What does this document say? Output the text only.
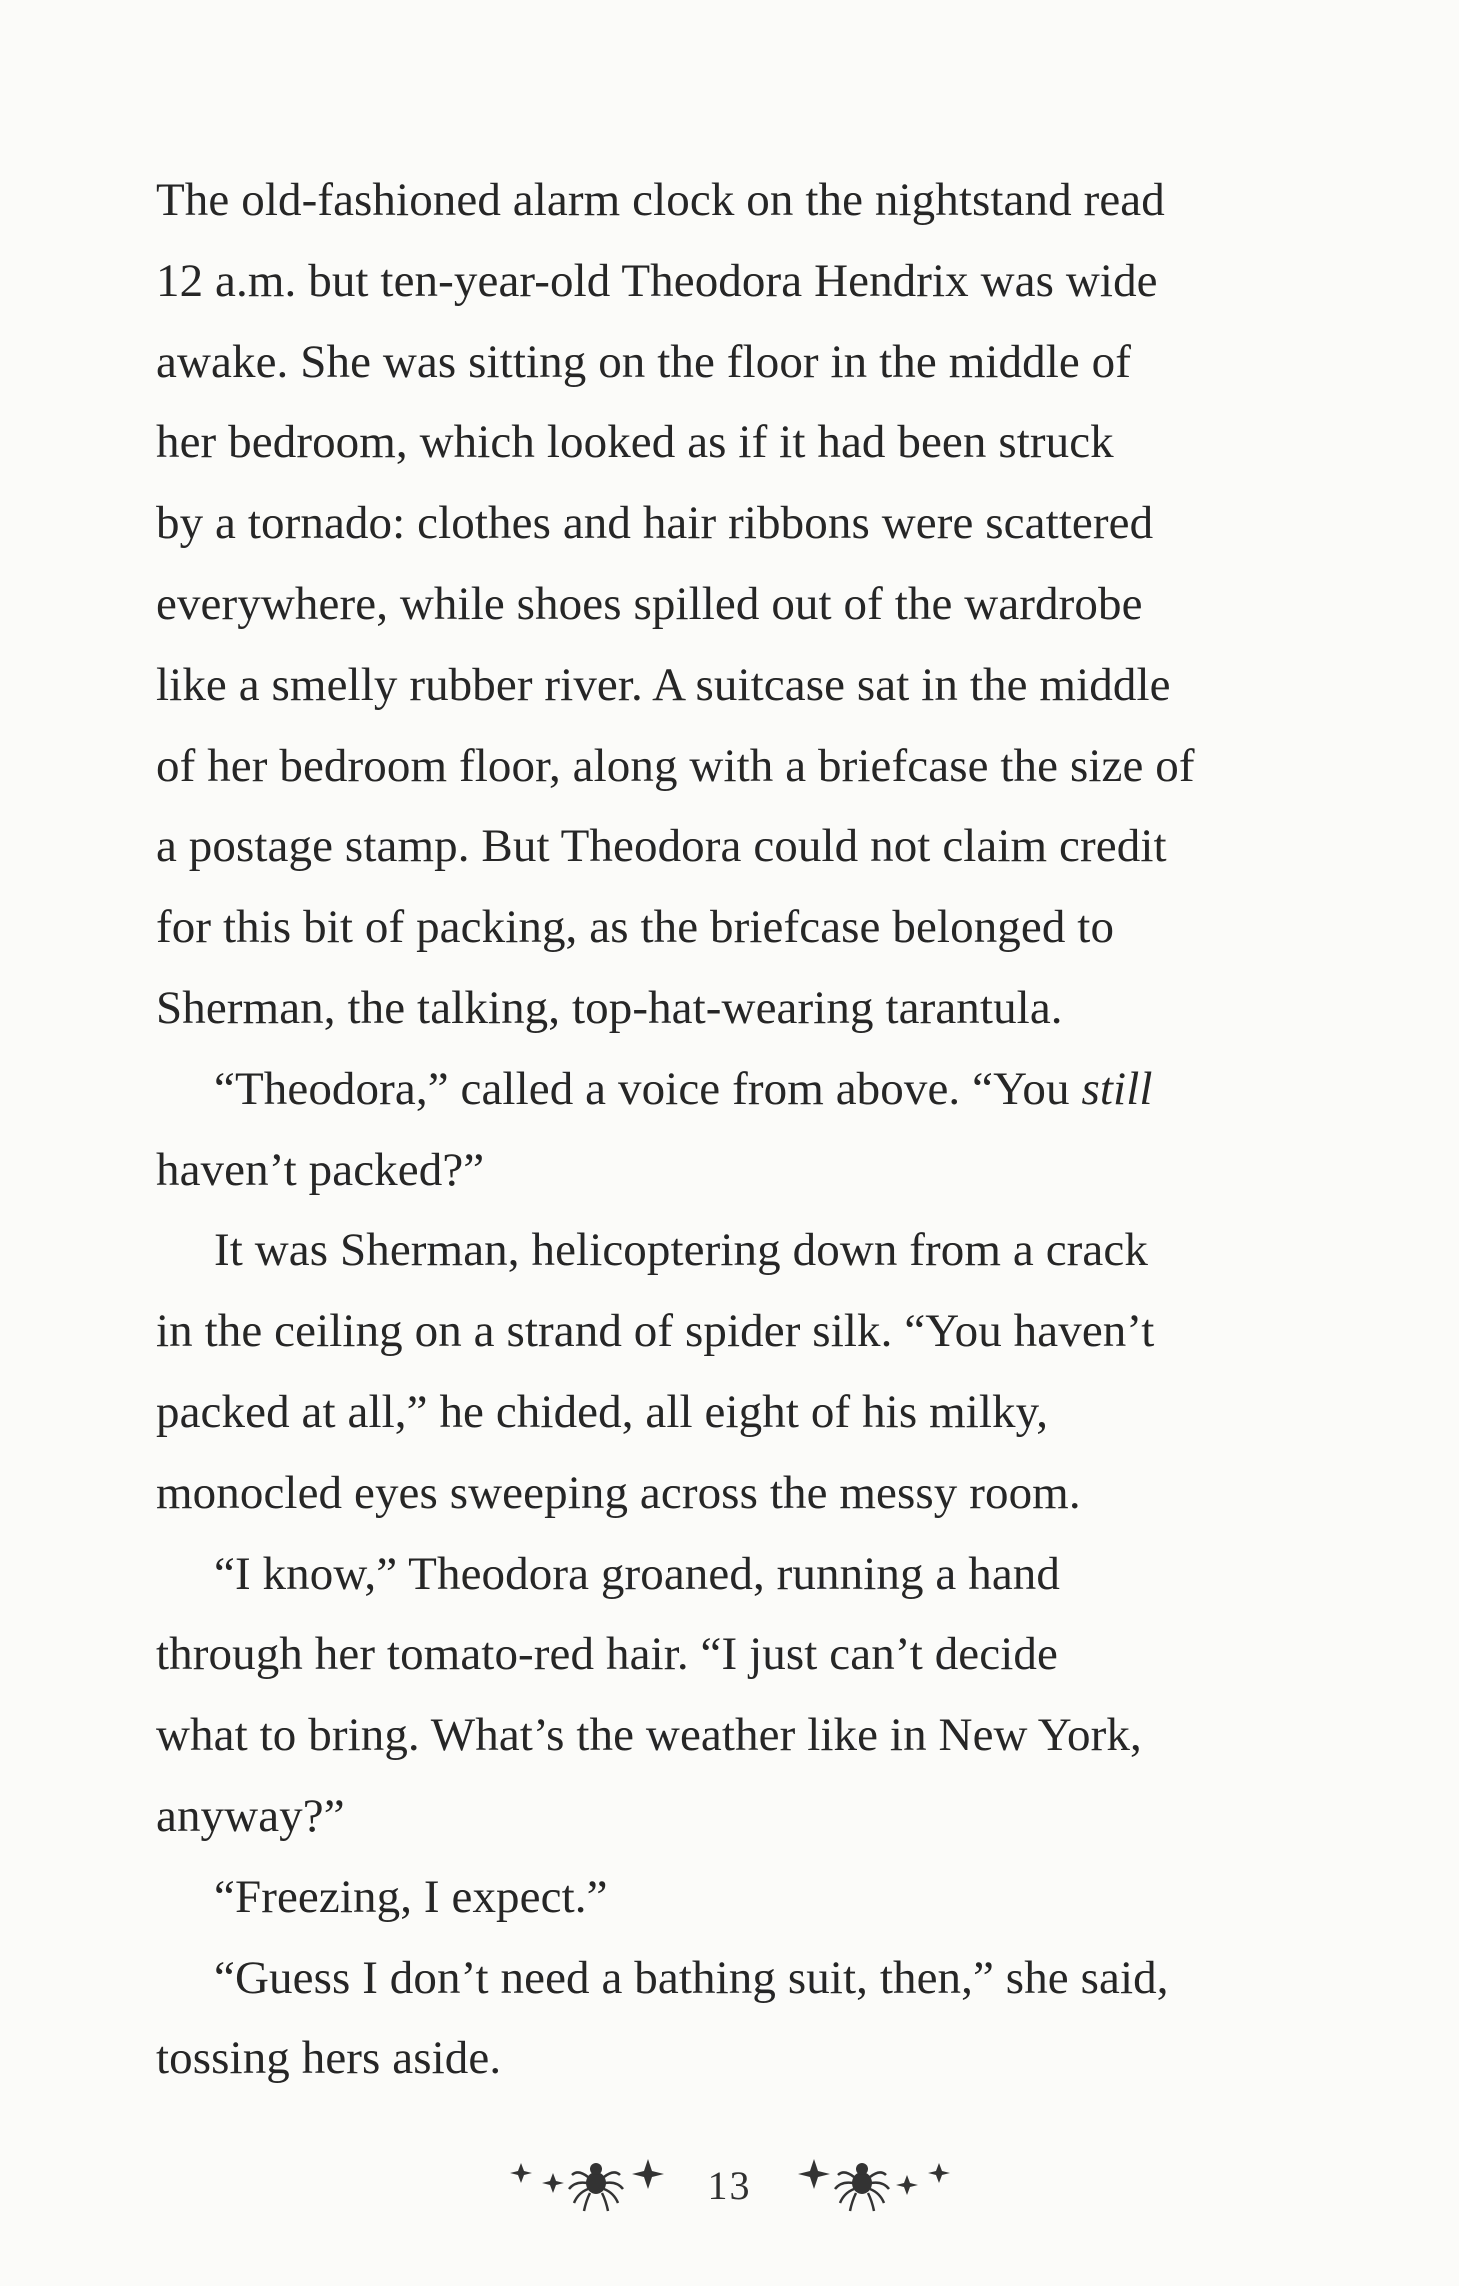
The old-fashioned alarm clock on the nightstand read
12 a.m. but ten-year-old Theodora Hendrix was wide
awake. She was sitting on the floor in the middle of
her bedroom, which looked as if it had been struck
by a tornado: clothes and hair ribbons were scattered
everywhere, while shoes spilled out of the wardrobe
like a smelly rubber river. A suitcase sat in the middle
of her bedroom floor, along with a briefcase the size of
a postage stamp. But Theodora could not claim credit
for this bit of packing, as the briefcase belonged to
Sherman, the talking, top-hat-wearing tarantula.
“Theodora,” called a voice from above. “You still
haven’t packed?”
It was Sherman, helicoptering down from a crack
in the ceiling on a strand of spider silk. “You haven’t
packed at all,” he chided, all eight of his milky,
monocled eyes sweeping across the messy room.
“I know,” Theodora groaned, running a hand
through her tomato-red hair. “I just can’t decide
what to bring. What’s the weather like in New York,
anyway?”
“Freezing, I expect.”
“Guess I don’t need a bathing suit, then,” she said,
tossing hers aside.
13
